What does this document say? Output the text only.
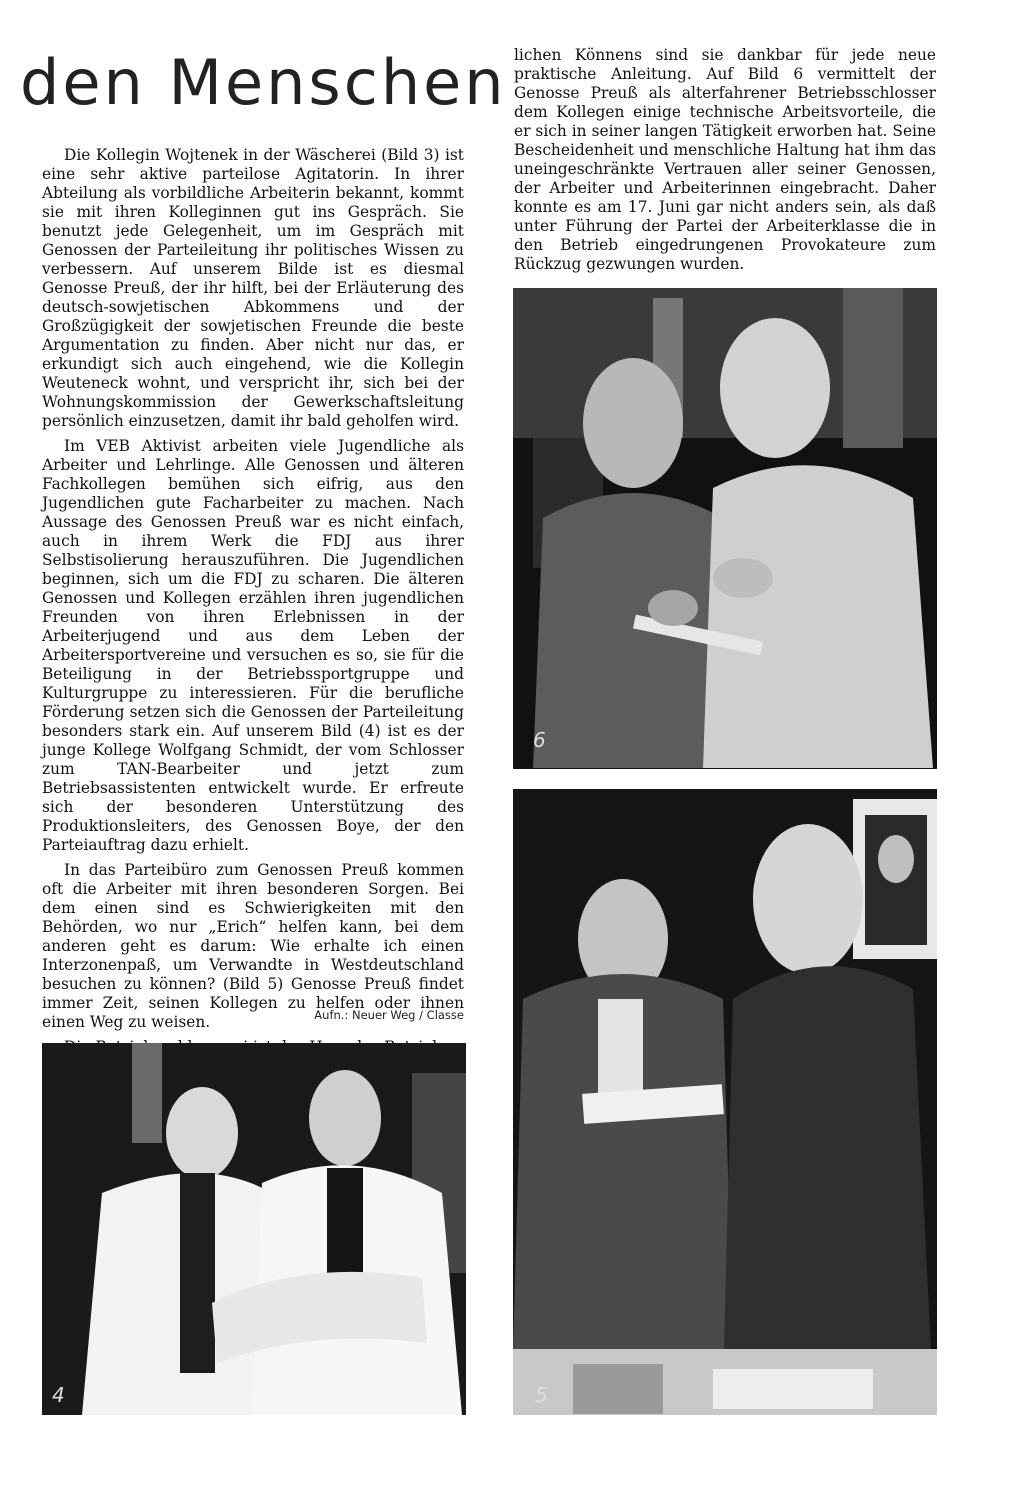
den Menschen

Die Kollegin Wojtenek in der Wäscherei (Bild 3) ist eine sehr aktive parteilose Agitatorin. In ihrer Abteilung als vorbildliche Arbeiterin bekannt, kommt sie mit ihren Kolleginnen gut ins Gespräch. Sie benutzt jede Gelegenheit, um im Gespräch mit Genossen der Parteileitung ihr politisches Wissen zu verbessern. Auf unserem Bilde ist es diesmal Genosse Preuß, der ihr hilft, bei der Erläuterung des deutsch-sowjetischen Abkommens und der Großzügigkeit der sowjetischen Freunde die beste Argumentation zu finden. Aber nicht nur das, er erkundigt sich auch eingehend, wie die Kollegin Weuteneck wohnt, und verspricht ihr, sich bei der Wohnungskommission der Gewerkschaftsleitung persönlich einzusetzen, damit ihr bald geholfen wird.

Im VEB Aktivist arbeiten viele Jugendliche als Arbeiter und Lehrlinge. Alle Genossen und älteren Fachkollegen bemühen sich eifrig, aus den Jugendlichen gute Facharbeiter zu machen. Nach Aussage des Genossen Preuß war es nicht einfach, auch in ihrem Werk die FDJ aus ihrer Selbstisolierung herauszuführen. Die Jugendlichen beginnen, sich um die FDJ zu scharen. Die älteren Genossen und Kollegen erzählen ihren jugendlichen Freunden von ihren Erlebnissen in der Arbeiterjugend und aus dem Leben der Arbeitersportvereine und versuchen es so, sie für die Beteiligung in der Betriebssportgruppe und Kulturgruppe zu interessieren. Für die berufliche Förderung setzen sich die Genossen der Parteileitung besonders stark ein. Auf unserem Bild (4) ist es der junge Kollege Wolfgang Schmidt, der vom Schlosser zum TAN-Bearbeiter und jetzt zum Betriebsassistenten entwickelt wurde. Er erfreute sich der besonderen Unterstützung des Produktionsleiters, des Genossen Boye, der den Parteiauftrag dazu erhielt.

In das Parteibüro zum Genossen Preuß kommen oft die Arbeiter mit ihren besonderen Sorgen. Bei dem einen sind es Schwierigkeiten mit den Behörden, wo nur „Erich“ helfen kann, bei dem anderen geht es darum: Wie erhalte ich einen Interzonenpaß, um Verwandte in Westdeutschland besuchen zu können? (Bild 5) Genosse Preuß findet immer Zeit, seinen Kollegen zu helfen oder ihnen einen Weg zu weisen.	Aufn.: Neuer Weg / Classe

lichen Könnens sind sie dankbar für jede neue praktische Anleitung. Auf Bild 6 vermittelt der Genosse Preuß als alterfahrener Betriebsschlosser dem Kollegen einige technische Arbeitsvorteile, die er sich in seiner langen Tätigkeit erworben hat. Seine Bescheidenheit und menschliche Haltung hat ihm das uneingeschränkte Vertrauen aller seiner Genossen, der Arbeiter und Arbeiterinnen eingebracht. Daher konnte es am 17. Juni gar nicht anders sein, als daß unter Führung der Partei der Arbeiterklasse die in den Betrieb eingedrungenen Provokateure zum Rückzug gezwungen wurden.

6
5
4
